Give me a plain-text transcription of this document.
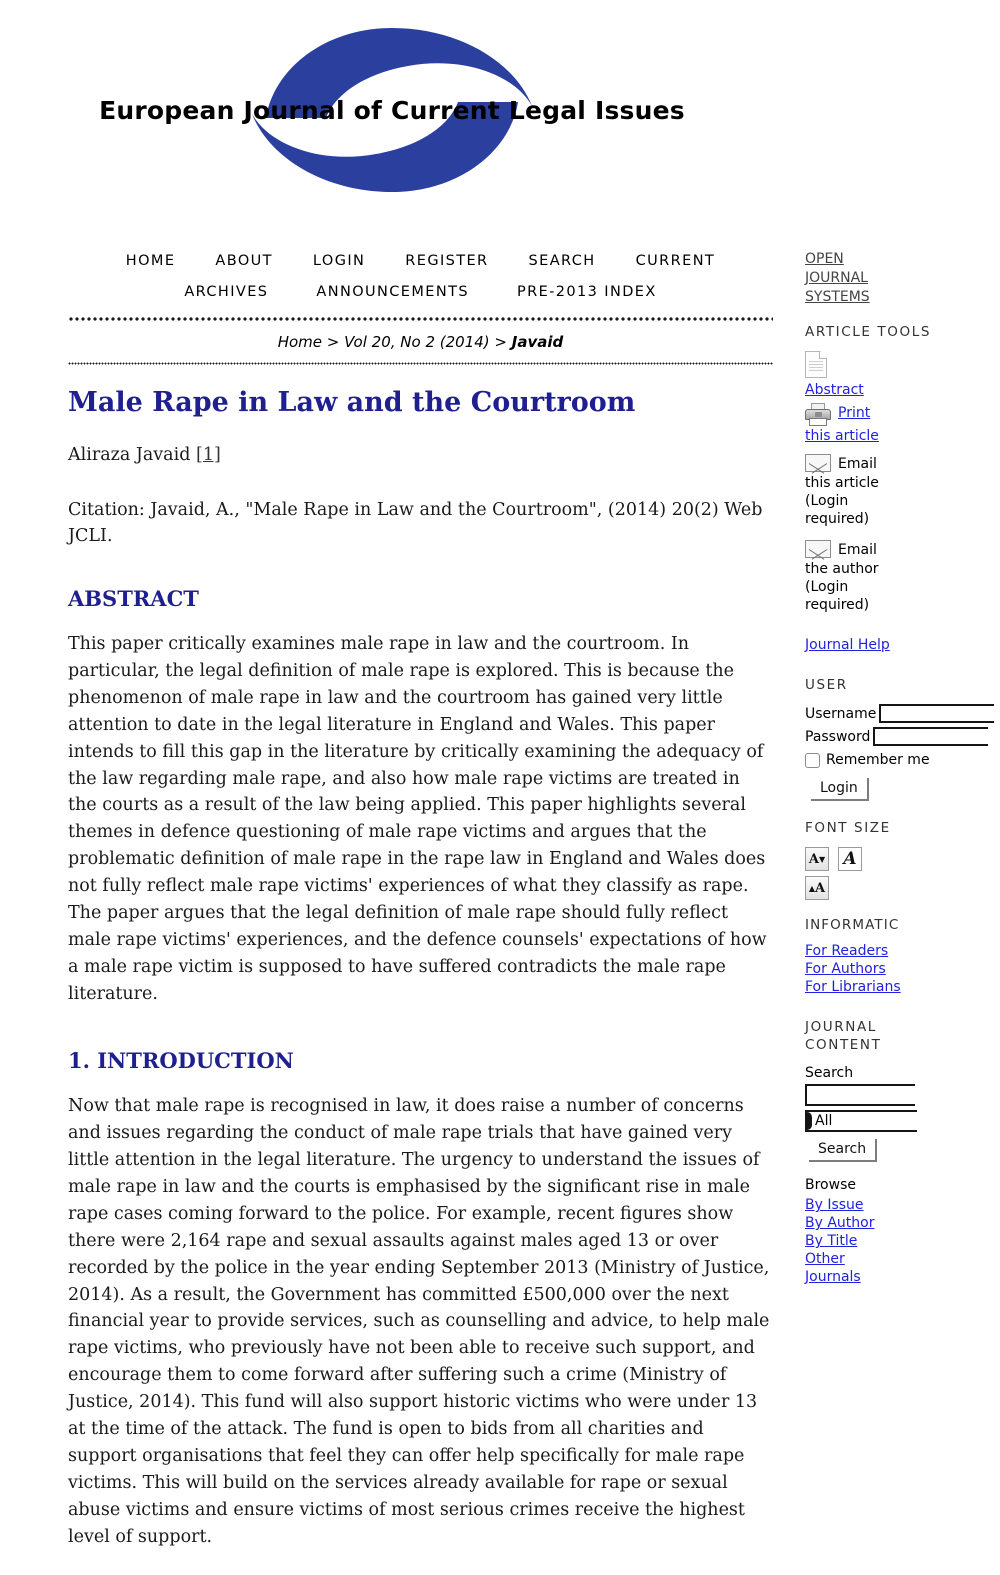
European Journal of Current Legal Issues
HOME	ABOUT	LOGIN	REGISTER	SEARCH	CURRENT
ARCHIVES	ANNOUNCEMENTS	PRE-2013 INDEX
Home > Vol 20, No 2 (2014) > Javaid
Male Rape in Law and the Courtroom
Aliraza Javaid [1]
Citation: Javaid, A., "Male Rape in Law and the Courtroom", (2014) 20(2) Web JCLI.
ABSTRACT

This paper critically examines male rape in law and the courtroom. In particular, the legal definition of male rape is explored. This is because the phenomenon of male rape in law and the courtroom has gained very little attention to date in the legal literature in England and Wales. This paper intends to fill this gap in the literature by critically examining the adequacy of the law regarding male rape, and also how male rape victims are treated in the courts as a result of the law being applied. This paper highlights several themes in defence questioning of male rape victims and argues that the problematic definition of male rape in the rape law in England and Wales does not fully reflect male rape victims' experiences of what they classify as rape. The paper argues that the legal definition of male rape should fully reflect male rape victims' experiences, and the defence counsels' expectations of how a male rape victim is supposed to have suffered contradicts the male rape literature.

1. INTRODUCTION

Now that male rape is recognised in law, it does raise a number of concerns and issues regarding the conduct of male rape trials that have gained very little attention in the legal literature. The urgency to understand the issues of male rape in law and the courts is emphasised by the significant rise in male rape cases coming forward to the police. For example, recent figures show there were 2,164 rape and sexual assaults against males aged 13 or over recorded by the police in the year ending September 2013 (Ministry of Justice, 2014). As a result, the Government has committed £500,000 over the next financial year to provide services, such as counselling and advice, to help male rape victims, who previously have not been able to receive such support, and encourage them to come forward after suffering such a crime (Ministry of Justice, 2014). This fund will also support historic victims who were under 13 at the time of the attack. The fund is open to bids from all charities and support organisations that feel they can offer help specifically for male rape victims. This will build on the services already available for rape or sexual abuse victims and ensure victims of most serious crimes receive the highest level of support.

OPEN JOURNAL SYSTEMS
ARTICLE TOOLS
Abstract
Print
this article
Email
this article
(Login
required)
Email
the author
(Login
required)
Journal Help
USER
Username
Password
Remember me
Login
FONT SIZE
A ▼ A
▲ A
INFORMATIC
For Readers
For Authors
For Librarians
JOURNAL CONTENT
Search
All
Search
Browse
By Issue
By Author
By Title
Other Journals
